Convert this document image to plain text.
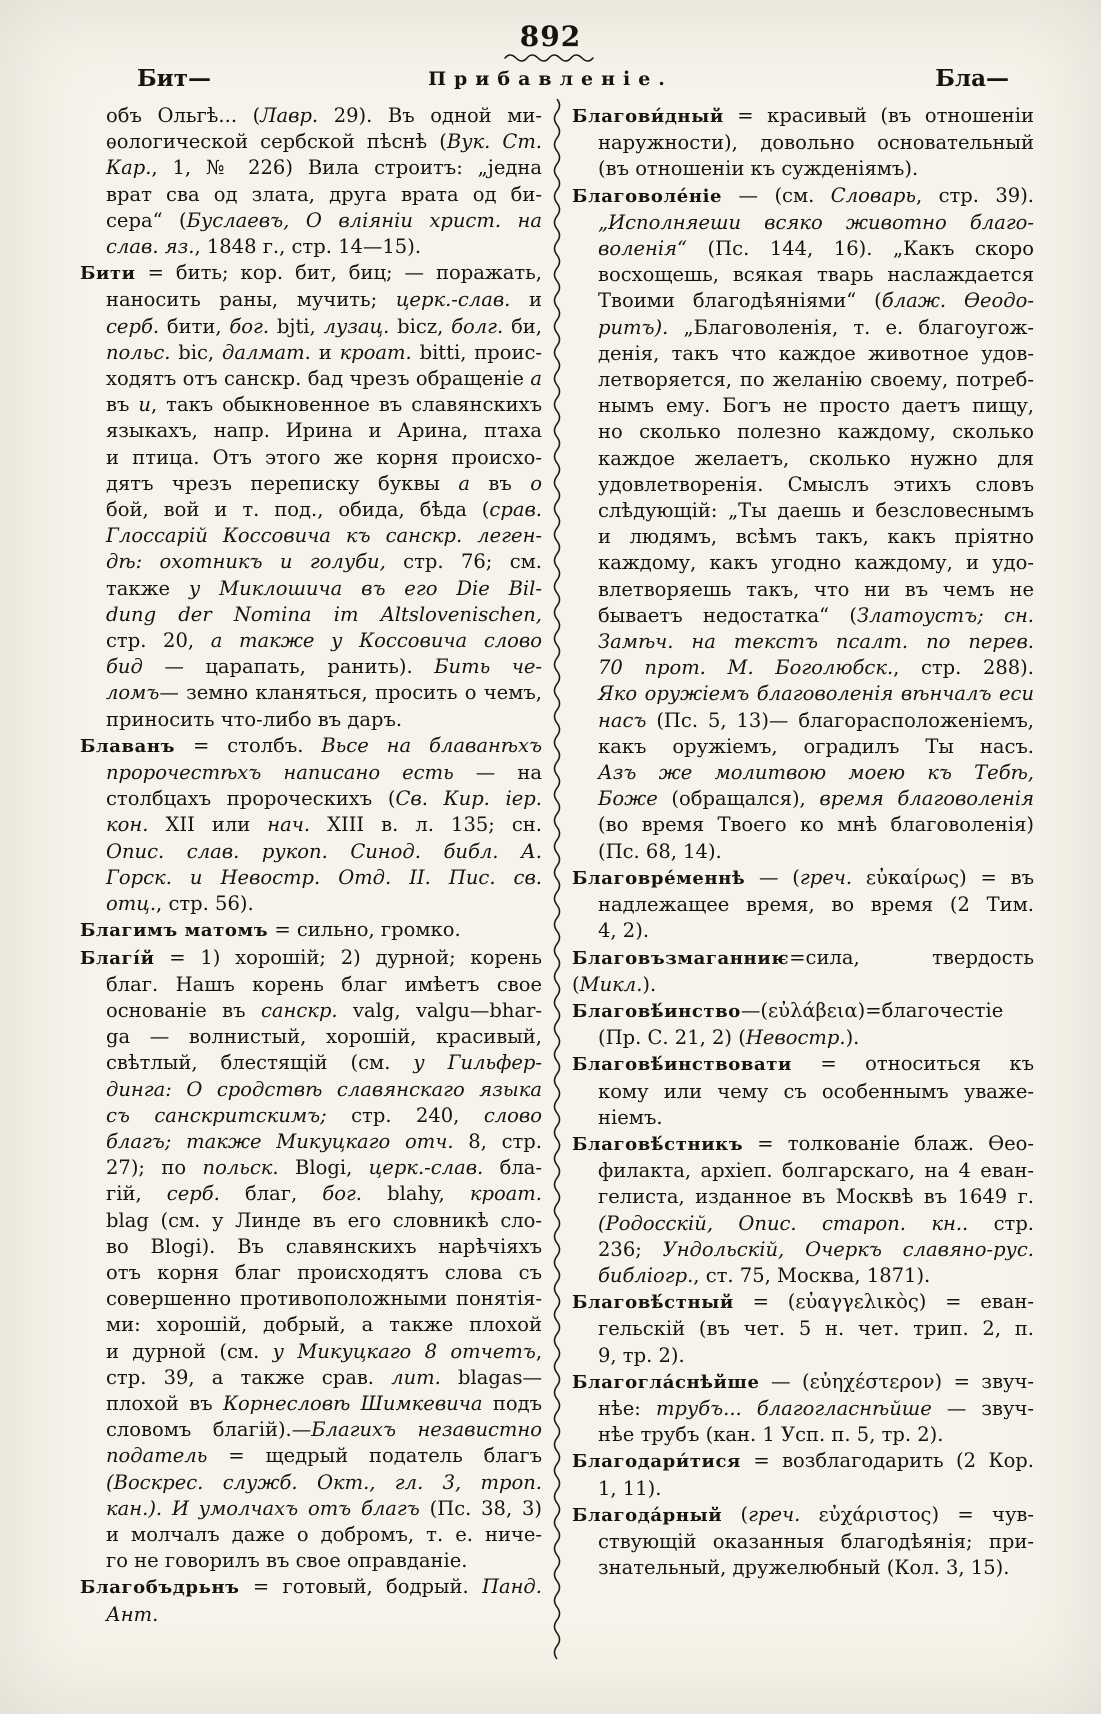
892
Бит—	Прибавленіе.	Бла—
объ Ольгѣ... (Лавр. 29). Въ одной ми-
ѳологической сербской пѣснѣ (Вук. Ст.
Кар., 1, № 226) Вила строитъ: „једна
врат сва од злата, друга врата од би-
сера“ (Буслаевъ, О вліяніи христ. на
слав. яз., 1848 г., стр. 14—15).
Бити = бить; кор. бит, биц; — поражать,
наносить раны, мучить; церк.-слав. и
серб. бити, бог. bjti, лузац. bicz, болг. би,
польс. bic, далмат. и кроат. bitti, проис-
ходятъ отъ санскр. бад чрезъ обращеніе а
въ и, такъ обыкновенное въ славянскихъ
языкахъ, напр. Ирина и Арина, птаха
и птица. Отъ этого же корня происхо-
дятъ чрезъ переписку буквы а въ о
бой, вой и т. под., обида, бѣда (срав.
Глоссарій Коссовича къ санскр. леген-
дѣ: охотникъ и голуби, стр. 76; см.
также у Миклошича въ его Die Bil-
dung der Nomina im Altslovenischen,
стр. 20, а также у Коссовича слово
бид — царапать, ранить). Бить че-
ломъ— земно кланяться, просить о чемъ,
приносить что-либо въ даръ.
Блаванъ = столбъ. Вьсе на блаванѣхъ
пророчестѣхъ написано есть — на
столбцахъ пророческихъ (Св. Кир. іер.
кон. XII или нач. XIII в. л. 135; сн.
Опис. слав. рукоп. Синод. библ. А.
Горск. и Невостр. Отд. II. Пис. св.
отц., стр. 56).
Благимъ матомъ = сильно, громко.
Благі́й = 1) хорошій; 2) дурной; корень
благ. Нашъ корень благ имѣетъ свое
основаніе въ санскр. valg, valgu—bhar-
ga — волнистый, хорошій, красивый,
свѣтлый, блестящій (см. у Гильфер-
динга: О сродствѣ славянскаго языка
съ санскритскимъ; стр. 240, слово
благъ; также Микуцкаго отч. 8, стр.
27); по польск. Blogi, церк.-слав. бла-
гій, серб. благ, бог. blahy, кроат.
blag (см. у Линде въ его словникѣ сло-
во Blogi). Въ славянскихъ нарѣчіяхъ
отъ корня благ происходятъ слова съ
совершенно противоположными понятія-
ми: хорошій, добрый, а также плохой
и дурной (см. у Микуцкаго 8 отчетъ,
стр. 39, а также срав. лит. blagas—
плохой въ Корнесловѣ Шимкевича подъ
словомъ благій).—Благихъ независтно
податель = щедрый податель благъ
(Воскрес. служб. Окт., гл. 3, троп.
кан.). И умолчахъ отъ благъ (Пс. 38, 3)
и молчалъ даже о добромъ, т. е. ниче-
го не говорилъ въ свое оправданіе.
Благобъдрьнъ = готовый, бодрый. Панд.
Ант.
Благови́дный = красивый (въ отношеніи
наружности), довольно основательный
(въ отношеніи къ сужденіямъ).
Благоволе́ніе — (см. Словарь, стр. 39).
„Исполняеши всяко животно благо-
воленія“ (Пс. 144, 16). „Какъ скоро
восхощешь, всякая тварь наслаждается
Твоими благодѣяніями“ (блаж. Ѳеодо-
ритъ). „Благоволенія, т. е. благоугож-
денія, такъ что каждое животное удов-
летворяется, по желанію своему, потреб-
нымъ ему. Богъ не просто даетъ пищу,
но сколько полезно каждому, сколько
каждое желаетъ, сколько нужно для
удовлетворенія. Смыслъ этихъ словъ
слѣдующій: „Ты даешь и безсловеснымъ
и людямъ, всѣмъ такъ, какъ пріятно
каждому, какъ угодно каждому, и удо-
влетворяешь такъ, что ни въ чемъ не
бываетъ недостатка“ (Златоустъ; сн.
Замѣч. на текстъ псалт. по перев.
70 прот. М. Боголюбск., стр. 288).
Яко оружіемъ благоволенія вѣнчалъ еси
насъ (Пс. 5, 13)— благорасположеніемъ,
какъ оружіемъ, оградилъ Ты насъ.
Азъ же молитвою моею къ Тебѣ,
Боже (обращался), время благоволенія
(во время Твоего ко мнѣ благоволенія)
(Пс. 68, 14).
Благовре́меннѣ — (греч. εὐκαίρως) = въ
надлежащее время, во время (2 Тим.
4, 2).
Благовъзмаганниѥ=сила, твердость (Микл.).
Благовѣ́инство—(εὐλάβεια)=благочестіе
(Пр. С. 21, 2) (Невостр.).
Благовѣ́инствовати = относиться къ
кому или чему съ особеннымъ уваже-
ніемъ.
Благовѣ́стникъ = толкованіе блаж. Ѳео-
филакта, архіеп. болгарскаго, на 4 еван-
гелиста, изданное въ Москвѣ въ 1649 г.
(Родосскій, Опис. староп. кн.. стр.
236; Ундольскій, Очеркъ славяно-рус.
библіогр., ст. 75, Москва, 1871).
Благовѣ́стный = (εὐαγγελικὸς) = еван-
гельскій (въ чет. 5 н. чет. трип. 2, п.
9, тр. 2).
Благогла́снѣйше — (εὐηχέστερον) = звуч-
нѣе: трубъ... благогласнѣйше — звуч-
нѣе трубъ (кан. 1 Усп. п. 5, тр. 2).
Благодари́тися = возблагодарить (2 Кор.
1, 11).
Благода́рный (греч. εὐχάριστος) = чув-
ствующій оказанныя благодѣянія; при-
знательный, дружелюбный (Кол. 3, 15).
